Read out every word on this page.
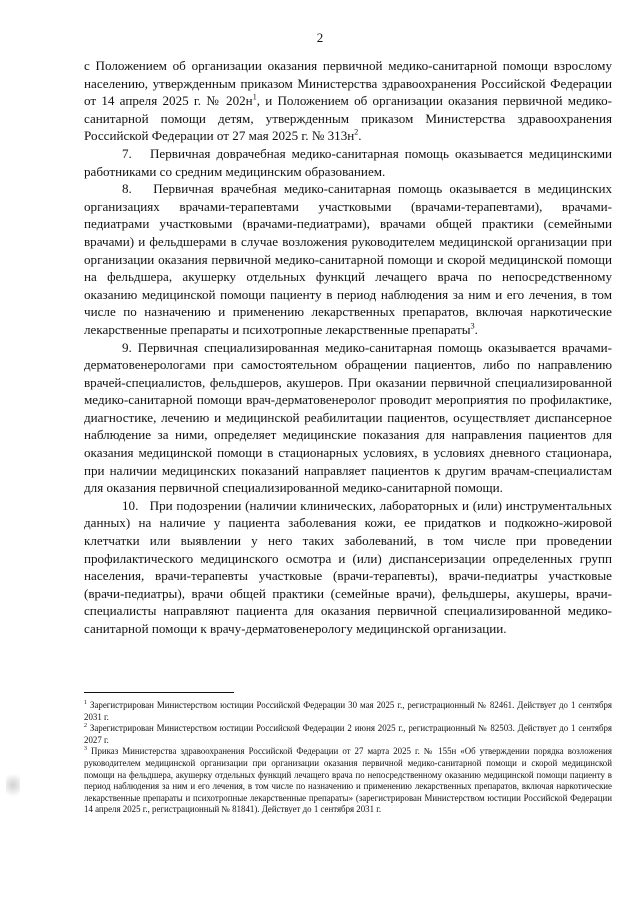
2

с Положением об организации оказания первичной медико-санитарной помощи взрослому населению, утвержденным приказом Министерства здравоохранения Российской Федерации от 14 апреля 2025 г. № $202н^1$, и Положением об организации оказания первичной медико-санитарной помощи детям, утвержденным приказом Министерства здравоохранения Российской Федерации от 27 мая 2025 г. № $313н^2$.

7.   Первичная доврачебная медико-санитарная помощь оказывается медицинскими работниками со средним медицинским образованием.

8.   Первичная врачебная медико-санитарная помощь оказывается в медицинских организациях врачами-терапевтами участковыми (врачами-терапевтами), врачами-педиатрами участковыми (врачами-педиатрами), врачами общей практики (семейными врачами) и фельдшерами в случае возложения руководителем медицинской организации при организации оказания первичной медико-санитарной помощи и скорой медицинской помощи на фельдшера, акушерку отдельных функций лечащего врача по непосредственному оказанию медицинской помощи пациенту в период наблюдения за ним и его лечения, в том числе по назначению и применению лекарственных препаратов, включая наркотические лекарственные препараты и психотропные лекарственные препараты$^3$.

9. Первичная специализированная медико-санитарная помощь оказывается врачами-дерматовенерологами при самостоятельном обращении пациентов, либо по направлению врачей-специалистов, фельдшеров, акушеров. При оказании первичной специализированной медико-санитарной помощи врач-дерматовенеролог проводит мероприятия по профилактике, диагностике, лечению и медицинской реабилитации пациентов, осуществляет диспансерное наблюдение за ними, определяет медицинские показания для направления пациентов для оказания медицинской помощи в стационарных условиях, в условиях дневного стационара, при наличии медицинских показаний направляет пациентов к другим врачам-специалистам для оказания первичной специализированной медико-санитарной помощи.

10.   При подозрении (наличии клинических, лабораторных и (или) инструментальных данных) на наличие у пациента заболевания кожи, ее придатков и подкожно-жировой клетчатки или выявлении у него таких заболеваний, в том числе при проведении профилактического медицинского осмотра и (или) диспансеризации определенных групп населения, врачи-терапевты участковые (врачи-терапевты), врачи-педиатры участковые (врачи-педиатры), врачи общей практики (семейные врачи), фельдшеры, акушеры, врачи-специалисты направляют пациента для оказания первичной специализированной медико-санитарной помощи к врачу-дерматовенерологу медицинской организации.

$^1$ Зарегистрирован Министерством юстиции Российской Федерации 30 мая 2025 г., регистрационный № 82461. Действует до 1 сентября 2031 г.

$^2$ Зарегистрирован Министерством юстиции Российской Федерации 2 июня 2025 г., регистрационный № 82503. Действует до 1 сентября 2027 г.

$^3$ Приказ Министерства здравоохранения Российской Федерации от 27 марта 2025 г. № 155н «Об утверждении порядка возложения руководителем медицинской организации при организации оказания первичной медико-санитарной помощи и скорой медицинской помощи на фельдшера, акушерку отдельных функций лечащего врача по непосредственному оказанию медицинской помощи пациенту в период наблюдения за ним и его лечения, в том числе по назначению и применению лекарственных препаратов, включая наркотические лекарственные препараты и психотропные лекарственные препараты» (зарегистрирован Министерством юстиции Российской Федерации 14 апреля 2025 г., регистрационный № 81841). Действует до 1 сентября 2031 г.
